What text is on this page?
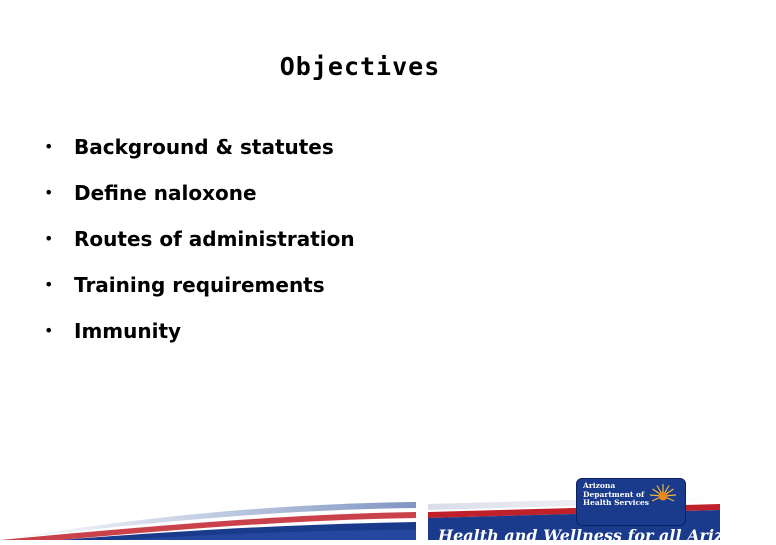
Objectives
• Background & statutes
• Define naloxone
• Routes of administration
• Training requirements
• Immunity
Health and Wellness for all Arizonans
Arizona
Department of
Health Services
